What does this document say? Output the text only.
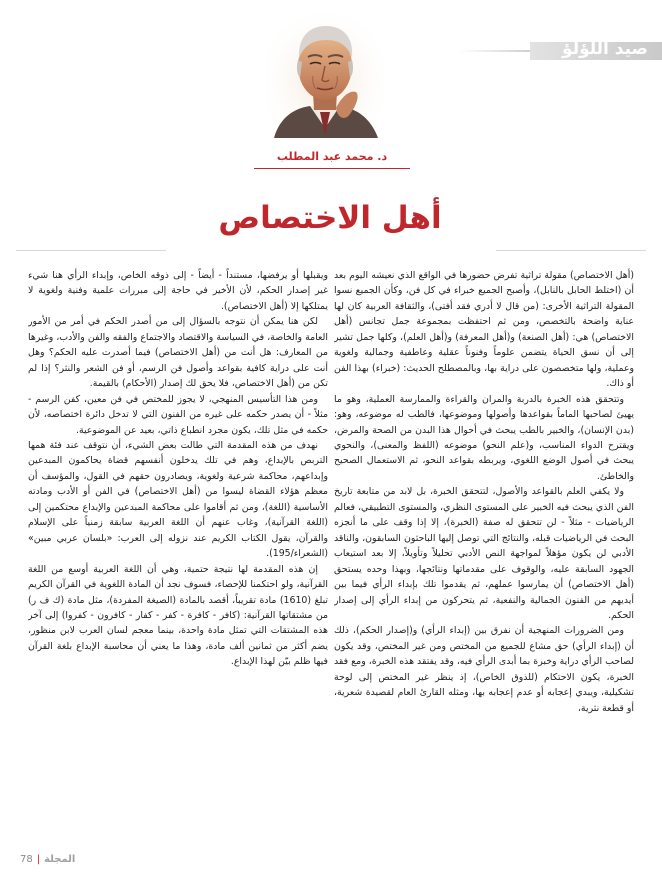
صيد اللؤلؤ
د. محمد عبد المطلب
أهل الاختصاص

(أهل الاختصاص) مقولة تراثية تفرض حضورها في الواقع الذي نعيشه اليوم بعد أن (اختلط الحابل بالنابل)، وأصبح الجميع خبراء في كل فن، وكأن الجميع نسوا المقولة التراثية الأخرى: (من قال لا أدري فقد أفتى)، والثقافة العربية كان لها عناية واضحة بالتخصص، ومن ثم احتفظت بمجموعة جمل تجانس (أهل الاختصاص) هي: (أهل الصنعة) و(أهل المعرفة) و(أهل العلم)، وكلها جمل تشير إلى أن نسق الحياة يتضمن علوماً وفنوناً عقلية وعاطفية وجمالية ولغوية وعملية، ولها متخصصون على دراية بها، وبالمصطلح الحديث: (خبراء) بهذا الفن أو ذاك.

وتتحقق هذه الخبرة بالدربة والمران والقراءة والممارسة العملية، وهو ما يهيئ لصاحبها الماماً بقواعدها وأصولها وموضوعها، فالطب له موضوعه، وهو: (بدن الإنسان)، والخبير بالطب يبحث في أحوال هذا البدن من الصحة والمرض، ويقترح الدواء المناسب، و(علم النحو) موضوعه (اللفظ والمعنى)، والنحوي يبحث في أصول الوضع اللغوي، ويربطه بقواعد النحو، ثم الاستعمال الصحيح والخاطئ.

ولا يكفي العلم بالقواعد والأصول، لتتحقق الخبرة، بل لابد من متابعة تاريخ الفن الذي يبحث فيه الخبير على المستوى النظري، والمستوى التطبيقي، فعالم الرياضيات - مثلاً - لن تتحقق له صفة (الخبرة)، إلا إذا وقف على ما أنجزه البحث في الرياضيات قبله، والنتائج التي توصل إليها الباحثون السابقون، والناقد الأدبي لن يكون مؤهلاً لمواجهة النص الأدبي تحليلاً وتأويلاً، إلا بعد استيعاب الجهود السابقة عليه، والوقوف على مقدماتها ونتائجها، وبهذا وحده يستحق (أهل الاختصاص) أن يمارسوا عملهم، ثم يقدموا تلك بإبداء الرأي فيما بين أيديهم من الفنون الجمالية والنفعية، ثم يتحركون من إبداء الرأي إلى إصدار الحكم.

ومن الضرورات المنهجية أن نفرق بين (إبداء الرأي) و(إصدار الحكم)، ذلك أن (إبداء الرأي) حق مشاع للجميع من المختص ومن غير المختص، وقد يكون لصاحب الرأي دراية وخبرة بما أبدى الرأي فيه، وقد يفتقد هذه الخبرة، ومع فقد الخبرة، يكون الاحتكام (للذوق الخاص)، إذ ينظر غير المختص إلى لوحة تشكيلية، ويبدي إعجابه أو عدم إعجابه بها، ومثله القارئ العام لقصيدة شعرية، أو قطعة نثرية،

ويقبلها أو يرفضها، مستنداً - أيضاً - إلى ذوقه الخاص، وإبداء الرأي هنا شيء غير إصدار الحكم، لأن الأخير في حاجة إلى مبررات علمية وفنية ولغوية لا يمتلكها إلا (أهل الاختصاص).

لكن هنا يمكن أن نتوجه بالسؤال إلى من أصدر الحكم في أمر من الأمور العامة والخاصة، في السياسة والاقتصاد والاجتماع والفقه والفن والأدب، وغيرها من المعارف: هل أنت من (أهل الاختصاص) فيما أصدرت عليه الحكم؟ وهل أنت على دراية كافية بقواعد وأصول فن الرسم، أو فن الشعر والنثر؟ إذا لم تكن من (أهل الاختصاص، فلا يحق لك إصدار (الأحكام) بالقيمة.

ومن هذا التأسيس المنهجي، لا يجوز للمختص في فن معين، كفن الرسم - مثلاً - أن يصدر حكمه على غيره من الفنون التي لا تدخل دائرة اختصاصه، لأن حكمه في مثل تلك، يكون مجرد انطباع ذاتي، بعيد عن الموضوعية.

نهدف من هذه المقدمة التي طالت بعض الشيء، أن نتوقف عند فئة همها التربص بالإبداع، وهم في تلك يدخلون أنفسهم قضاة يحاكمون المبدعين وإبداعهم، محاكمة شرعية ولغوية، ويصادرون حقهم في القول، والمؤسف أن معظم هؤلاء القضاة ليسوا من (أهل الاختصاص) في الفن أو الأدب ومادته الأساسية (اللغة)، ومن ثم أقاموا على محاكمة المبدعين والإبداع محتكمين إلى (اللغة القرآنية)، وغاب عنهم أن اللغة العربية سابقة زمنياً على الإسلام والقرآن، يقول الكتاب الكريم عند نزوله إلى العرب: «بلسان عربي مبين» (الشعراء/195).

إن هذه المقدمة لها نتيجة حتمية، وهي أن اللغة العربية أوسع من اللغة القرآنية، ولو احتكمنا للإحصاء، فسوف نجد أن المادة اللغوية في القرآن الكريم تبلغ (1610) مادة تقريباً، أقصد بالمادة (الصيغة المفردة)، مثل مادة (ك ف ر) من مشتقاتها القرآنية: (كافر - كافرة - كفر - كفار - كافرون - كفروا) إلى آخر هذه المشتقات التي تمثل مادة واحدة، بينما معجم لسان العرب لابن منظور، يضم أكثر من ثمانين ألف مادة، وهذا ما يعني أن محاسبة الإبداع بلغة القرآن فيها ظلم بيّن لهذا الإبداع.

78 | المجلة
